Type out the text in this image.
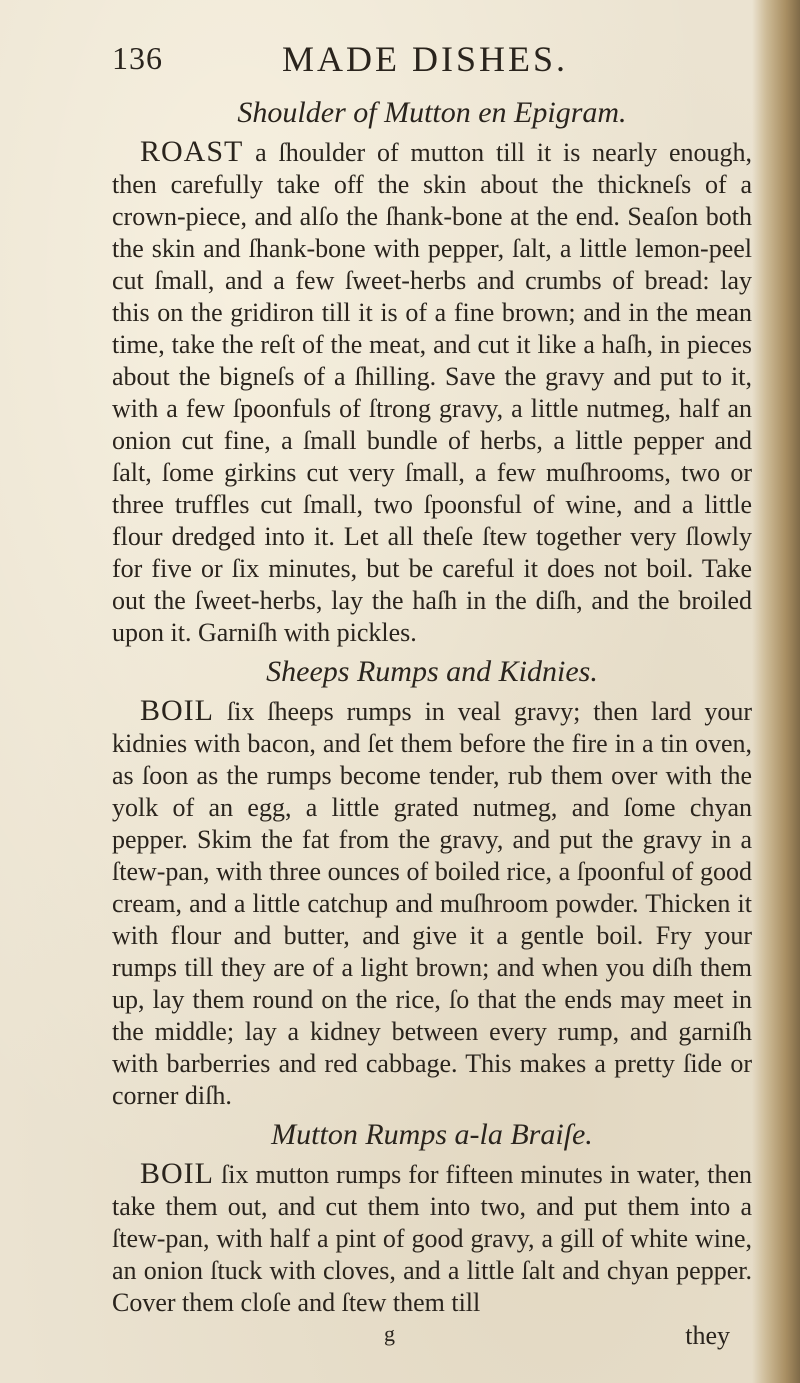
136	MADE DISHES.
Shoulder of Mutton en Epigram.

ROAST a ſhoulder of mutton till it is nearly enough, then carefully take off the skin about the thickneſs of a crown-piece, and alſo the ſhank-bone at the end. Seaſon both the skin and ſhank-bone with pepper, ſalt, a little lemon-peel cut ſmall, and a few ſweet-herbs and crumbs of bread: lay this on the gridiron till it is of a fine brown; and in the mean time, take the reſt of the meat, and cut it like a haſh, in pieces about the bigneſs of a ſhilling. Save the gravy and put to it, with a few ſpoonfuls of ſtrong gravy, a little nutmeg, half an onion cut fine, a ſmall bundle of herbs, a little pepper and ſalt, ſome girkins cut very ſmall, a few muſhrooms, two or three truffles cut ſmall, two ſpoonsful of wine, and a little flour dredged into it. Let all theſe ſtew together very ſlowly for five or ſix minutes, but be careful it does not boil. Take out the ſweet-herbs, lay the haſh in the diſh, and the broiled upon it. Garniſh with pickles.

Sheeps Rumps and Kidnies.

BOIL ſix ſheeps rumps in veal gravy; then lard your kidnies with bacon, and ſet them before the fire in a tin oven, as ſoon as the rumps become tender, rub them over with the yolk of an egg, a little grated nutmeg, and ſome chyan pepper. Skim the fat from the gravy, and put the gravy in a ſtew-pan, with three ounces of boiled rice, a ſpoonful of good cream, and a little catchup and muſhroom powder. Thicken it with flour and butter, and give it a gentle boil. Fry your rumps till they are of a light brown; and when you diſh them up, lay them round on the rice, ſo that the ends may meet in the middle; lay a kidney between every rump, and garniſh with barberries and red cabbage. This makes a pretty ſide or corner diſh.

Mutton Rumps a-la Braiſe.

BOIL ſix mutton rumps for fifteen minutes in water, then take them out, and cut them into two, and put them into a ſtew-pan, with half a pint of good gravy, a gill of white wine, an onion ſtuck with cloves, and a little ſalt and chyan pepper. Cover them cloſe and ſtew them till

g	they
